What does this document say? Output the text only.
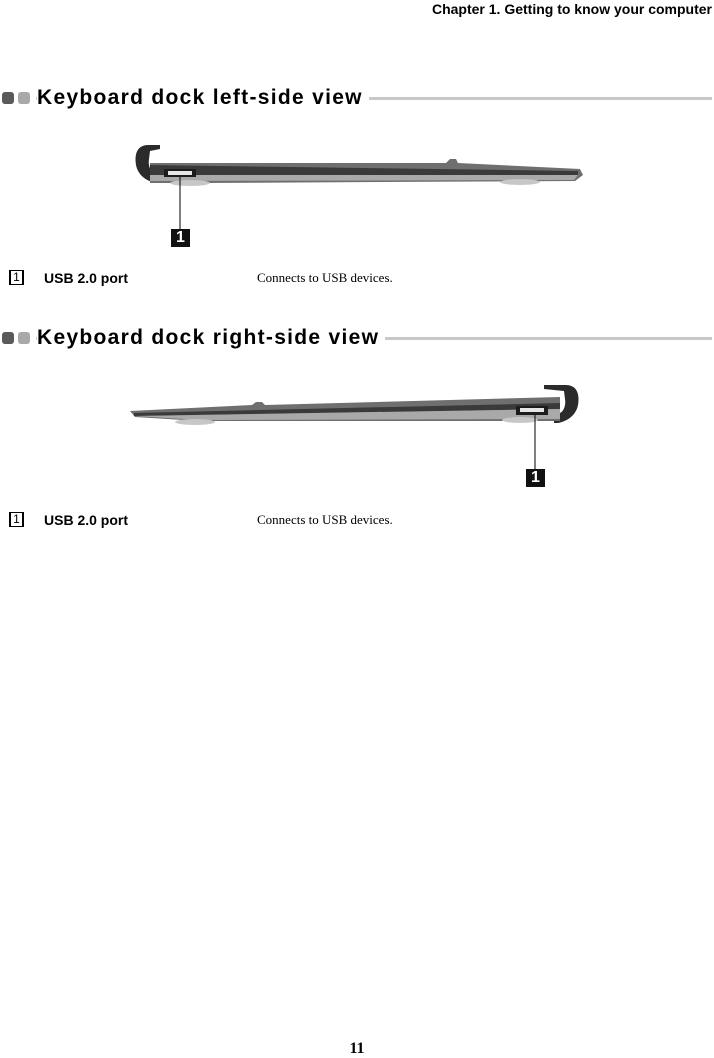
Chapter 1. Getting to know your computer
Keyboard dock left-side view
1
1 USB 2.0 port	Connects to USB devices.
Keyboard dock right-side view
1
1 USB 2.0 port	Connects to USB devices.
11
